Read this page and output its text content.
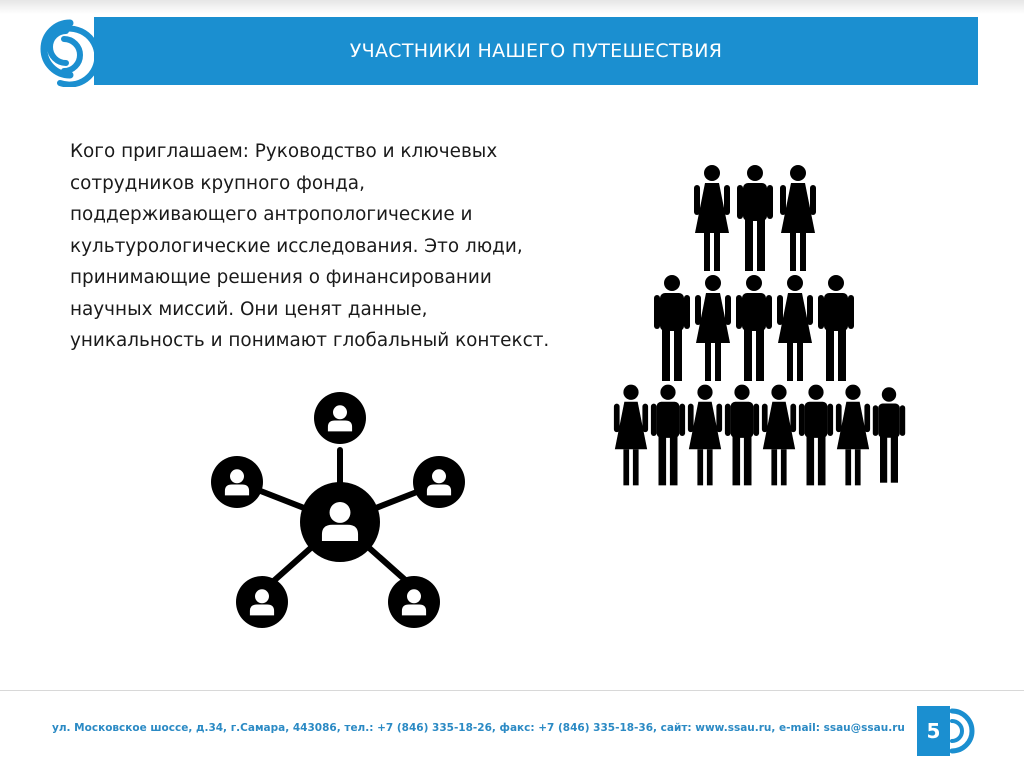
УЧАСТНИКИ НАШЕГО ПУТЕШЕСТВИЯ

Кого приглашаем: Руководство и ключевых
сотрудников крупного фонда,
поддерживающего антропологические и
культурологические исследования. Это люди,
принимающие решения о финансировании
научных миссий. Они ценят данные,
уникальность и понимают глобальный контекст.

ул. Московское шоссе, д.34, г.Самара, 443086, тел.: +7 (846) 335-18-26, факс: +7 (846) 335-18-36, сайт: www.ssau.ru, e-mail: ssau@ssau.ru	5
